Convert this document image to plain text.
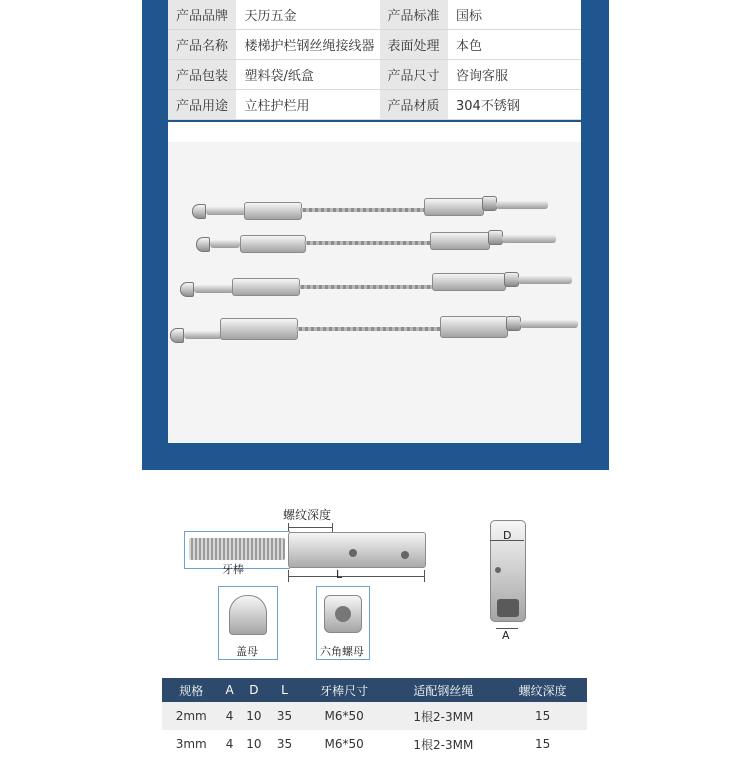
产品品牌	天历五金	产品标准	国标
产品名称	楼梯护栏钢丝绳接线器	表面处理	本色
产品包装	塑料袋/纸盒	产品尺寸	咨询客服
产品用途	立柱护栏用	产品材质	304不锈钢
螺纹深度
牙棒	L
D
A
盖母	六角螺母
规格	A	D	L	牙棒尺寸	适配钢丝绳	螺纹深度
2mm	4	10	35	M6*50	1根2-3MM	15
3mm	4	10	35	M6*50	1根2-3MM	15
